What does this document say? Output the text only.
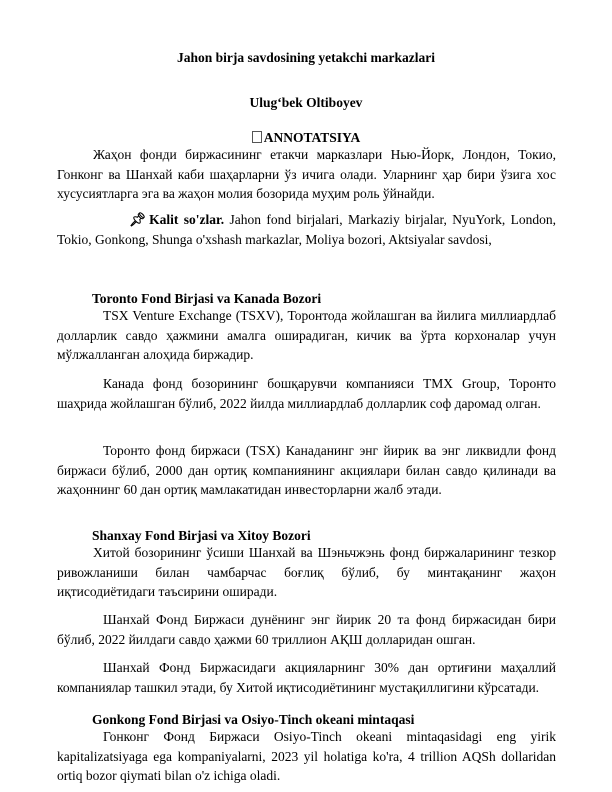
Jahon birja savdosining yetakchi markazlari
Ulug‘bek Oltiboyev
ANNOTATSIYA

Жаҳон фонди биржасининг етакчи марказлари Нью-Йорк, Лондон, Токио, Гонконг ва Шанхай каби шаҳарларни ўз ичига олади. Уларнинг ҳар бири ўзига хос хусусиятларга эга ва жаҳон молия бозорида муҳим роль ўйнайди.

📌︎ Kalit so'zlar. Jahon fond birjalari, Markaziy birjalar, NyuYork, London, Tokio, Gonkong, Shunga o'xshash markazlar, Moliya bozori, Aktsiyalar savdosi,

Toronto Fond Birjasi va Kanada Bozori

TSX Venture Exchange (TSXV), Торонтода жойлашган ва йилига миллиардлаб долларлик савдо ҳажмини амалга оширадиган, кичик ва ўрта корхоналар учун мўлжалланган алоҳида биржадир.

Канада фонд бозорининг бошқарувчи компанияси TMX Group, Торонто шаҳрида жойлашган бўлиб, 2022 йилда миллиардлаб долларлик соф даромад олган.

Торонто фонд биржаси (TSX) Канаданинг энг йирик ва энг ликвидли фонд биржаси бўлиб, 2000 дан ортиқ компаниянинг акциялари билан савдо қилинади ва жаҳоннинг 60 дан ортиқ мамлакатидан инвесторларни жалб этади.

Shanxay Fond Birjasi va Xitoy Bozori

Хитой бозорининг ўсиши Шанхай ва Шэньчжэнь фонд биржаларининг тезкор ривожланиши билан чамбарчас боғлиқ бўлиб, бу минтақанинг жаҳон иқтисодиётидаги таъсирини оширади.

Шанхай Фонд Биржаси дунёнинг энг йирик 20 та фонд биржасидан бири бўлиб, 2022 йилдаги савдо ҳажми 60 триллион АҚШ долларидан ошган.

Шанхай Фонд Биржасидаги акцияларнинг 30% дан ортиғини маҳаллий компаниялар ташкил этади, бу Хитой иқтисодиётининг мустақиллигини кўрсатади.

Gonkong Fond Birjasi va Osiyo-Tinch okeani mintaqasi

Гонконг Фонд Биржаси Osiyo-Tinch okeani mintaqasidagi eng yirik kapitalizatsiyaga ega kompaniyalarni, 2023 yil holatiga ko'ra, 4 trillion AQSh dollaridan ortiq bozor qiymati bilan o'z ichiga oladi.
